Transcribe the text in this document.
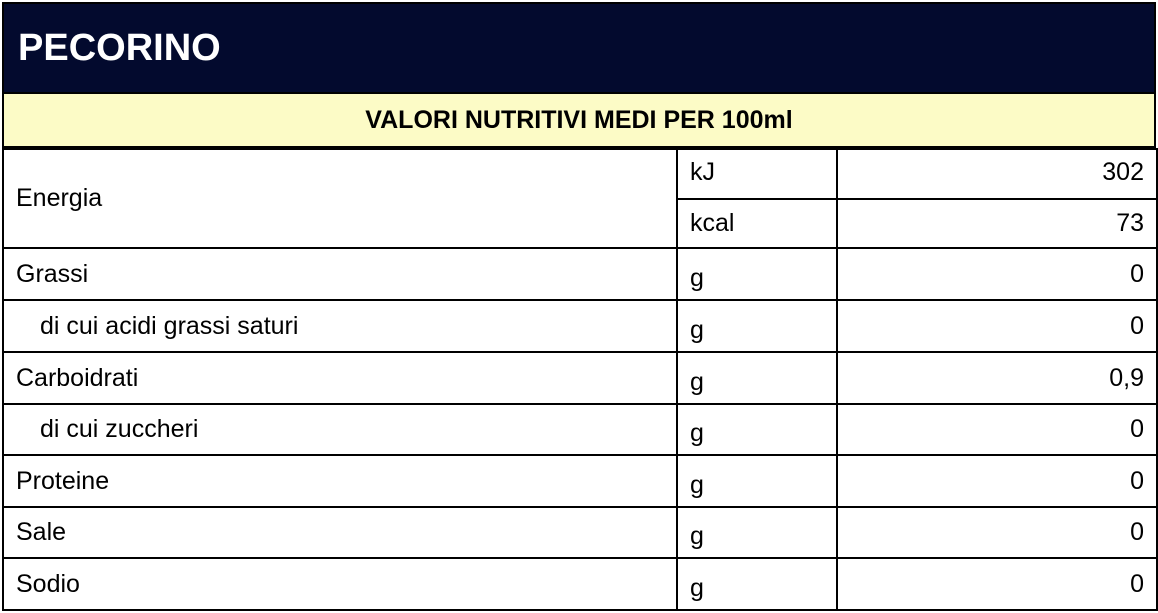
PECORINO
VALORI NUTRITIVI MEDI PER 100ml
Energia	kJ	302
	kcal	73
Grassi	g	0
di cui acidi grassi saturi	g	0
Carboidrati	g	0,9
di cui zuccheri	g	0
Proteine	g	0
Sale	g	0
Sodio	g	0
